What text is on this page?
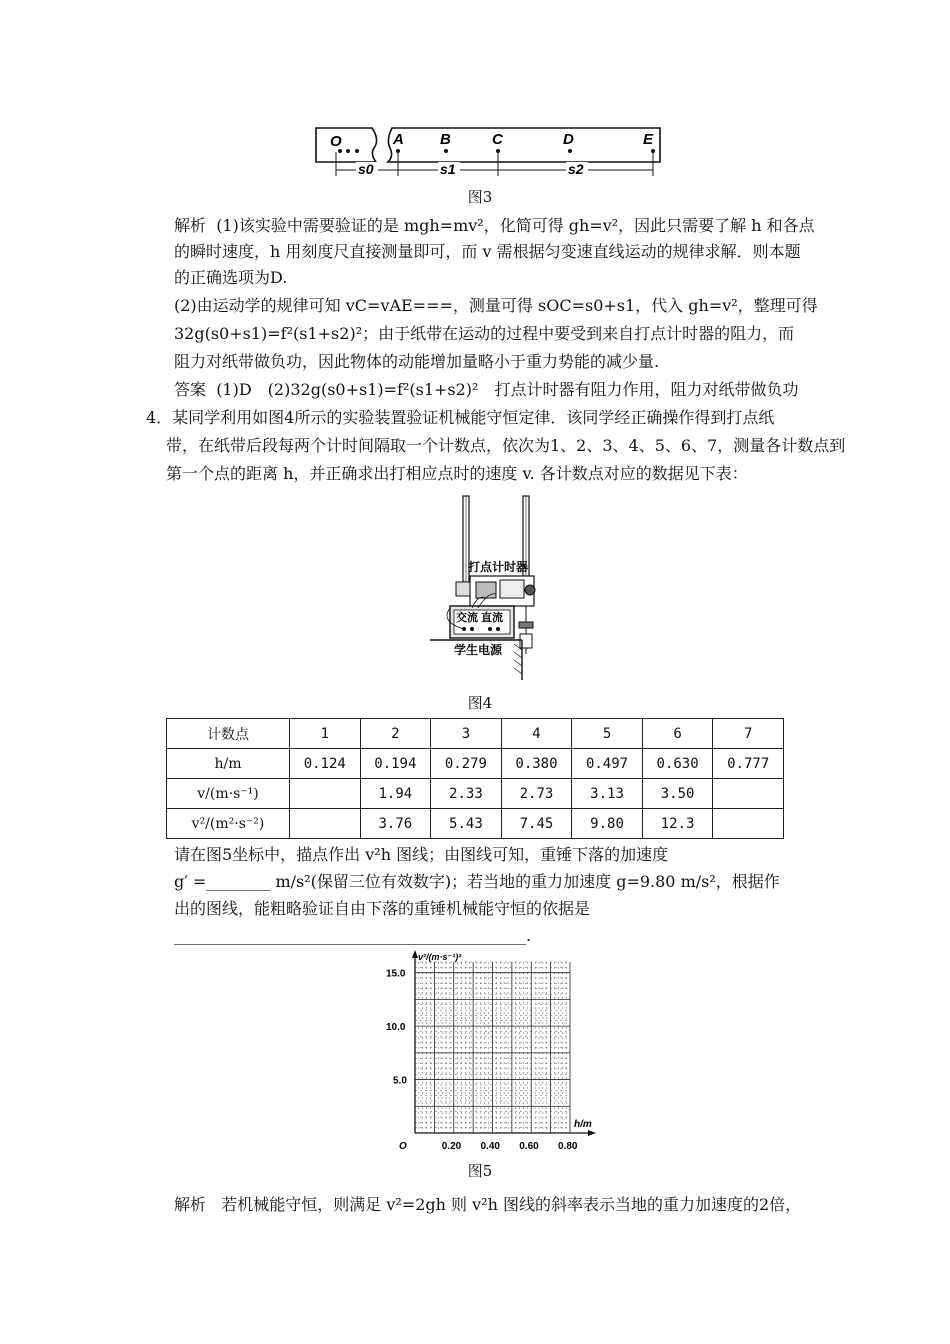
O	A B	C	D	E
s0	s1	s2
图3
解析 (1)该实验中需要验证的是 mgh=mv²，化简可得 gh=v²，因此只需要了解 h 和各点
的瞬时速度，h 用刻度尺直接测量即可，而 v 需根据匀变速直线运动的规律求解．则本题
的正确选项为D.
(2)由运动学的规律可知 vC=vAE===，测量可得 sOC=s0+s1，代入 gh=v²，整理可得
32g(s0+s1)=f²(s1+s2)²；由于纸带在运动的过程中要受到来自打点计时器的阻力，而
阻力对纸带做负功，因此物体的动能增加量略小于重力势能的减少量.
答案 (1)D　(2)32g(s0+s1)=f²(s1+s2)²　打点计时器有阻力作用，阻力对纸带做负功
4．某同学利用如图4所示的实验装置验证机械能守恒定律．该同学经正确操作得到打点纸
带，在纸带后段每两个计时间隔取一个计数点，依次为1、2、3、4、5、6、7，测量各计数点到
第一个点的距离 h，并正确求出打相应点时的速度 v. 各计数点对应的数据见下表：
打点计时器
交流 直流
学生电源
图4
计数点	1	2	3	4	5	6	7
h/m	0.124	0.194	0.279	0.380	0.497	0.630	0.777
v/(m·s⁻¹)		1.94	2.33	2.73	3.13	3.50	
v²/(m²·s⁻²)		3.76	5.43	7.45	9.80	12.3	
请在图5坐标中，描点作出 v²h 图线；由图线可知，重锤下落的加速度
g′ =________ m/s²(保留三位有效数字)；若当地的重力加速度 g=9.80 m/s²，根据作
出的图线，能粗略验证自由下落的重锤机械能守恒的依据是
____________________________________________.
v²/(m·s⁻¹)²
h/m
O	0.20 0.40 0.60 0.80
5.0
10.0
15.0
图5
解析 若机械能守恒，则满足 v²=2gh 则 v²h 图线的斜率表示当地的重力加速度的2倍，
